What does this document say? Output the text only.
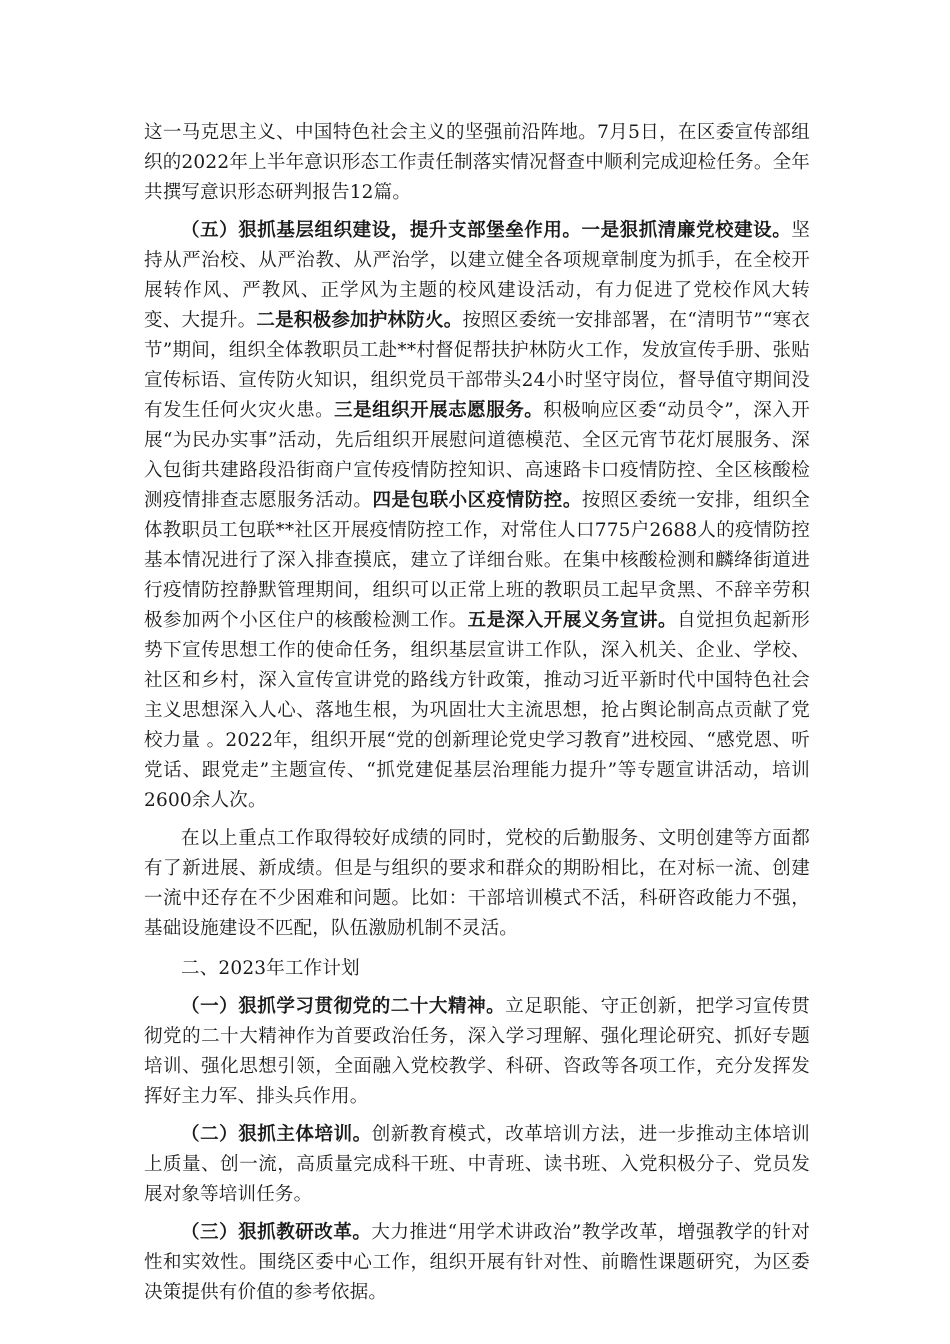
这一马克思主义、中国特色社会主义的坚强前沿阵地。7月5日，在区委宣传部组织的2022年上半年意识形态工作责任制落实情况督查中顺利完成迎检任务。全年共撰写意识形态研判报告12篇。

（五）狠抓基层组织建设，提升支部堡垒作用。一是狠抓清廉党校建设。坚持从严治校、从严治教、从严治学，以建立健全各项规章制度为抓手，在全校开展转作风、严教风、正学风为主题的校风建设活动，有力促进了党校作风大转变、大提升。二是积极参加护林防火。按照区委统一安排部署，在“清明节”“寒衣节”期间，组织全体教职员工赴**村督促帮扶护林防火工作，发放宣传手册、张贴宣传标语、宣传防火知识，组织党员干部带头24小时坚守岗位，督导值守期间没有发生任何火灾火患。三是组织开展志愿服务。积极响应区委“动员令”，深入开展“为民办实事”活动，先后组织开展慰问道德模范、全区元宵节花灯展服务、深入包街共建路段沿街商户宣传疫情防控知识、高速路卡口疫情防控、全区核酸检测疫情排查志愿服务活动。四是包联小区疫情防控。按照区委统一安排，组织全体教职员工包联**社区开展疫情防控工作，对常住人口775户2688人的疫情防控基本情况进行了深入排查摸底，建立了详细台账。在集中核酸检测和麟绛街道进行疫情防控静默管理期间，组织可以正常上班的教职员工起早贪黑、不辞辛劳积极参加两个小区住户的核酸检测工作。五是深入开展义务宣讲。自觉担负起新形势下宣传思想工作的使命任务，组织基层宣讲工作队，深入机关、企业、学校、社区和乡村，深入宣传宣讲党的路线方针政策，推动习近平新时代中国特色社会主义思想深入人心、落地生根，为巩固壮大主流思想，抢占舆论制高点贡献了党校力量 。2022年，组织开展“党的创新理论党史学习教育”进校园、“感党恩、听党话、跟党走”主题宣传、“抓党建促基层治理能力提升”等专题宣讲活动，培训2600余人次。

在以上重点工作取得较好成绩的同时，党校的后勤服务、文明创建等方面都有了新进展、新成绩。但是与组织的要求和群众的期盼相比，在对标一流、创建一流中还存在不少困难和问题。比如：干部培训模式不活，科研咨政能力不强，基础设施建设不匹配，队伍激励机制不灵活。

二、2023年工作计划

（一）狠抓学习贯彻党的二十大精神。立足职能、守正创新，把学习宣传贯彻党的二十大精神作为首要政治任务，深入学习理解、强化理论研究、抓好专题培训、强化思想引领，全面融入党校教学、科研、咨政等各项工作，充分发挥发挥好主力军、排头兵作用。

（二）狠抓主体培训。创新教育模式，改革培训方法，进一步推动主体培训上质量、创一流，高质量完成科干班、中青班、读书班、入党积极分子、党员发展对象等培训任务。

（三）狠抓教研改革。大力推进“用学术讲政治”教学改革，增强教学的针对性和实效性。围绕区委中心工作，组织开展有针对性、前瞻性课题研究，为区委决策提供有价值的参考依据。
